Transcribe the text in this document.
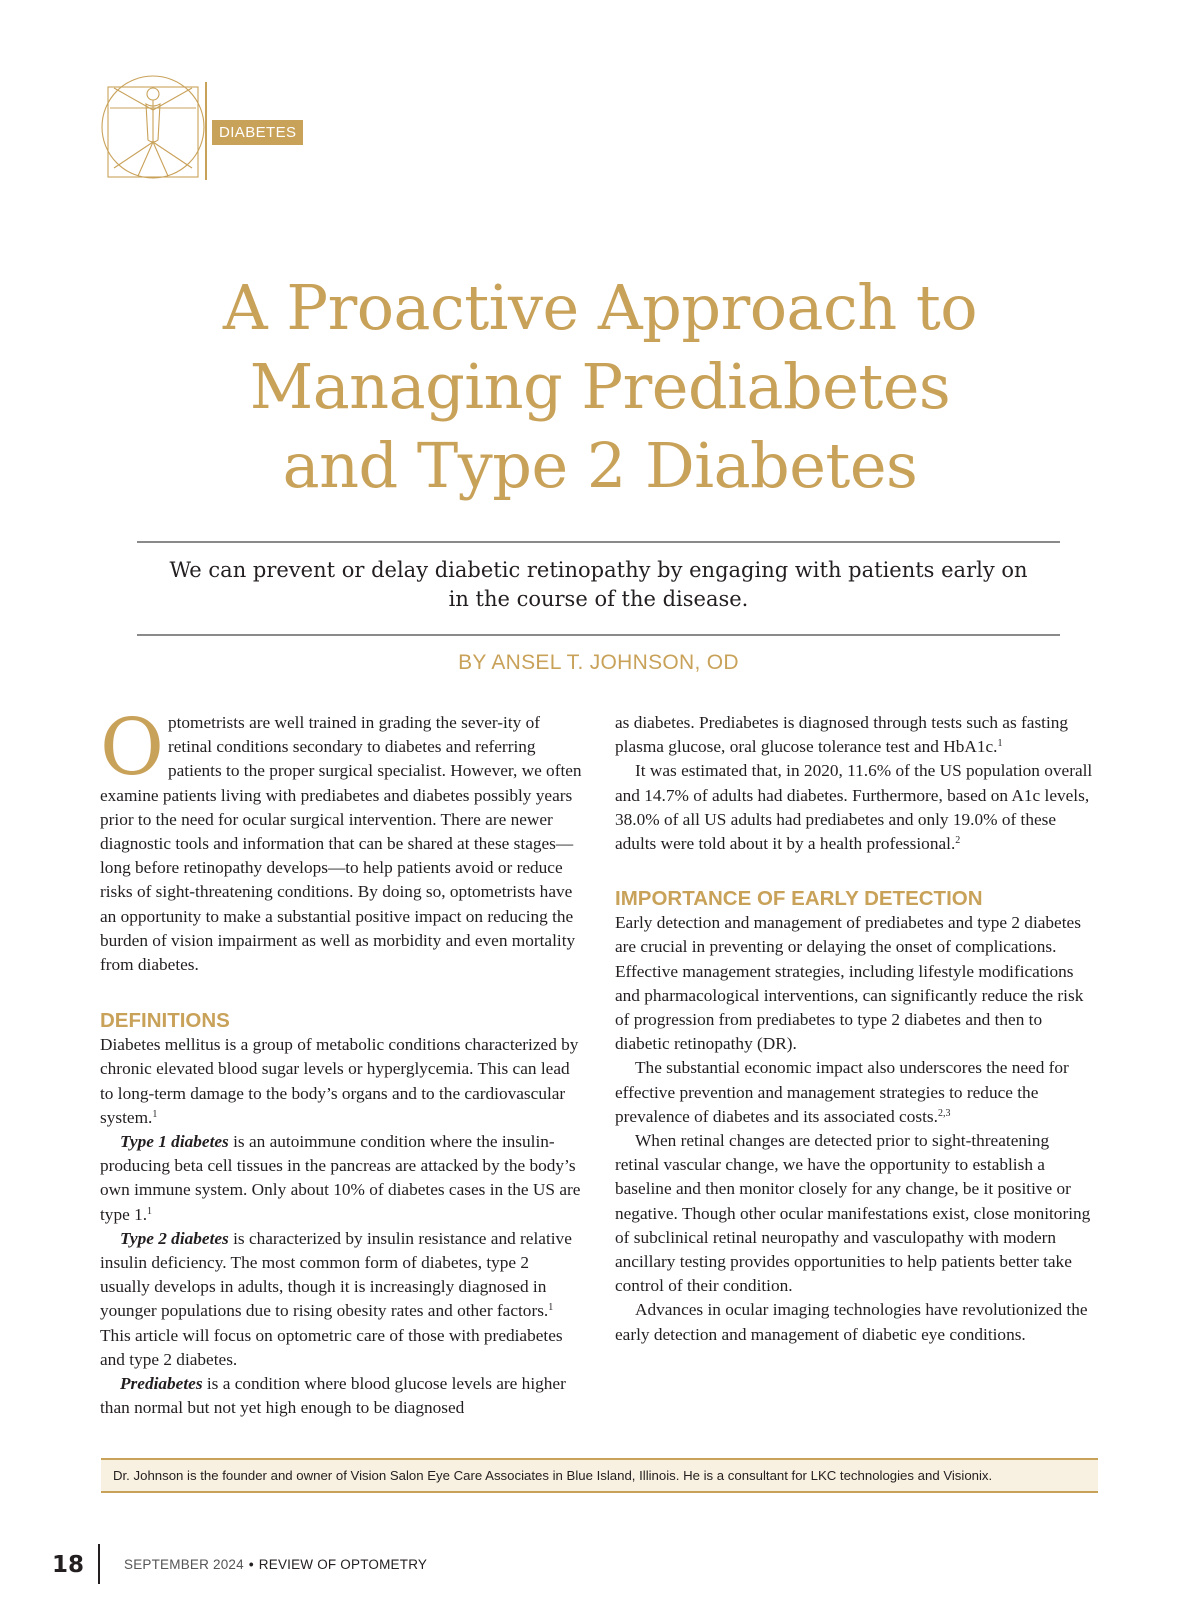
DIABETES
A Proactive Approach to
Managing Prediabetes
and Type 2 Diabetes

We can prevent or delay diabetic retinopathy by engaging with patients early on
in the course of the disease.

BY ANSEL T. JOHNSON, OD

Optometrists are well trained in grading the sever-ity of retinal conditions secondary to diabetes and referring patients to the proper surgical specialist. However, we often examine patients living with prediabetes and diabetes possibly years prior to the need for ocular surgical intervention. There are newer diagnostic tools and information that can be shared at these stages—long before retinopathy develops—to help patients avoid or reduce risks of sight-threatening conditions. By doing so, optometrists have an opportunity to make a substantial positive impact on reducing the burden of vision impairment as well as morbidity and even mortality from diabetes.

DEFINITIONS

Diabetes mellitus is a group of metabolic conditions characterized by chronic elevated blood sugar levels or hyperglycemia. This can lead to long-term damage to the body’s organs and to the cardiovascular system.$^1$

Type 1 diabetes is an autoimmune condition where the insulin-producing beta cell tissues in the pancreas are attacked by the body’s own immune system. Only about 10% of diabetes cases in the US are type 1.$^1$

Type 2 diabetes is characterized by insulin resistance and relative insulin deficiency. The most common form of diabetes, type 2 usually develops in adults, though it is increasingly diagnosed in younger populations due to rising obesity rates and other factors.$^1$ This article will focus on optometric care of those with prediabetes and type 2 diabetes.

Prediabetes is a condition where blood glucose levels are higher than normal but not yet high enough to be diagnosed

as diabetes. Prediabetes is diagnosed through tests such as fasting plasma glucose, oral glucose tolerance test and HbA1c.$^1$

It was estimated that, in 2020, 11.6% of the US population overall and 14.7% of adults had diabetes. Furthermore, based on A1c levels, 38.0% of all US adults had prediabetes and only 19.0% of these adults were told about it by a health professional.$^2$

IMPORTANCE OF EARLY DETECTION

Early detection and management of prediabetes and type 2 diabetes are crucial in preventing or delaying the onset of complications. Effective management strategies, including lifestyle modifications and pharmacological interventions, can significantly reduce the risk of progression from prediabetes to type 2 diabetes and then to diabetic retinopathy (DR).

The substantial economic impact also underscores the need for effective prevention and management strategies to reduce the prevalence of diabetes and its associated costs.$^{2,3}$

When retinal changes are detected prior to sight-threatening retinal vascular change, we have the opportunity to establish a baseline and then monitor closely for any change, be it positive or negative. Though other ocular manifestations exist, close monitoring of subclinical retinal neuropathy and vasculopathy with modern ancillary testing provides opportunities to help patients better take control of their condition.

Advances in ocular imaging technologies have revolutionized the early detection and management of diabetic eye conditions.

Dr. Johnson is the founder and owner of Vision Salon Eye Care Associates in Blue Island, Illinois. He is a consultant for LKC technologies and Visionix.
18	SEPTEMBER 2024 • REVIEW OF OPTOMETRY
